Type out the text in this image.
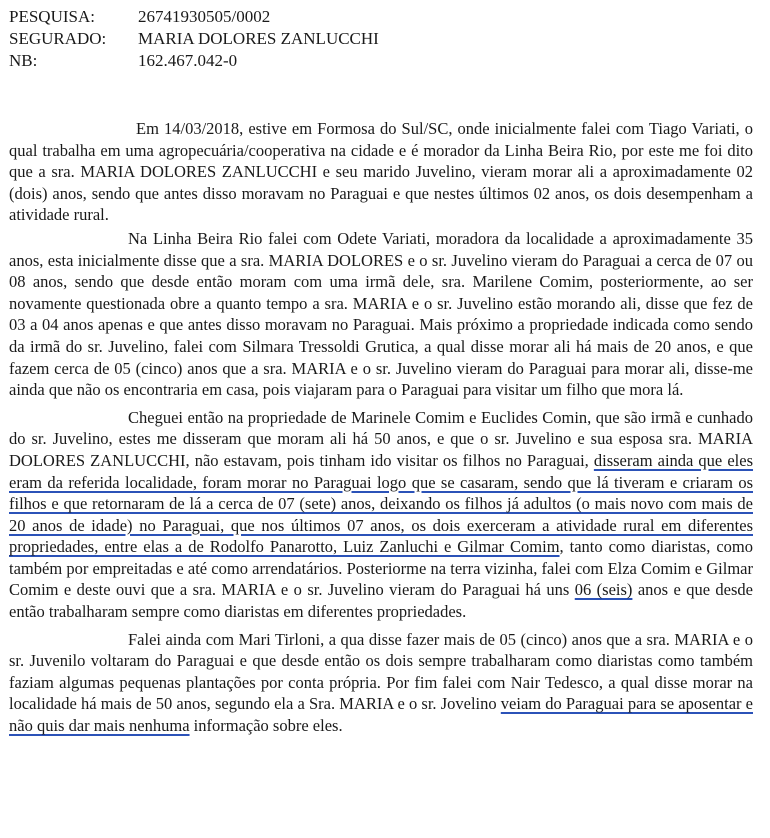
PESQUISA:	26741930505/0002
SEGURADO:	MARIA DOLORES ZANLUCCHI
NB:	162.467.042-0

Em 14/03/2018, estive em Formosa do Sul/SC, onde inicialmente falei com Tiago Variati, o qual trabalha em uma agropecuária/cooperativa na cidade e é morador da Linha Beira Rio, por este me foi dito que a sra. MARIA DOLORES ZANLUCCHI e seu marido Juvelino, vieram morar ali a aproximadamente 02 (dois) anos, sendo que antes disso moravam no Paraguai e que nestes últimos 02 anos, os dois desempenham a atividade rural.

Na Linha Beira Rio falei com Odete Variati, moradora da localidade a aproximadamente 35 anos, esta inicialmente disse que a sra. MARIA DOLORES e o sr. Juvelino vieram do Paraguai a cerca de 07 ou 08 anos, sendo que desde então moram com uma irmã dele, sra. Marilene Comim, posteriormente, ao ser novamente questionada obre a quanto tempo a sra. MARIA e o sr. Juvelino estão morando ali, disse que fez de 03 a 04 anos apenas e que antes disso moravam no Paraguai. Mais próximo a propriedade indicada como sendo da irmã do sr. Juvelino, falei com Silmara Tressoldi Grutica, a qual disse morar ali há mais de 20 anos, e que fazem cerca de 05 (cinco) anos que a sra. MARIA e o sr. Juvelino vieram do Paraguai para morar ali, disse-me ainda que não os encontraria em casa, pois viajaram para o Paraguai para visitar um filho que mora lá.

Cheguei então na propriedade de Marinele Comim e Euclides Comin, que são irmã e cunhado do sr. Juvelino, estes me disseram que moram ali há 50 anos, e que o sr. Juvelino e sua esposa sra. MARIA DOLORES ZANLUCCHI, não estavam, pois tinham ido visitar os filhos no Paraguai, disseram ainda que eles eram da referida localidade, foram morar no Paraguai logo que se casaram, sendo que lá tiveram e criaram os filhos e que retornaram de lá a cerca de 07 (sete) anos, deixando os filhos já adultos (o mais novo com mais de 20 anos de idade) no Paraguai, que nos últimos 07 anos, os dois exerceram a atividade rural em diferentes propriedades, entre elas a de Rodolfo Panarotto, Luiz Zanluchi e Gilmar Comim, tanto como diaristas, como também por empreitadas e até como arrendatários. Posteriorme na terra vizinha, falei com Elza Comim e Gilmar Comim e deste ouvi que a sra. MARIA e o sr. Juvelino vieram do Paraguai há uns 06 (seis) anos e que desde então trabalharam sempre como diaristas em diferentes propriedades.

Falei ainda com Mari Tirloni, a qua disse fazer mais de 05 (cinco) anos que a sra. MARIA e o sr. Juvenilo voltaram do Paraguai e que desde então os dois sempre trabalharam como diaristas como também faziam algumas pequenas plantações por conta própria. Por fim falei com Nair Tedesco, a qual disse morar na localidade há mais de 50 anos, segundo ela a Sra. MARIA e o sr. Jovelino veiam do Paraguai para se aposentar e não quis dar mais nenhuma informação sobre eles.
